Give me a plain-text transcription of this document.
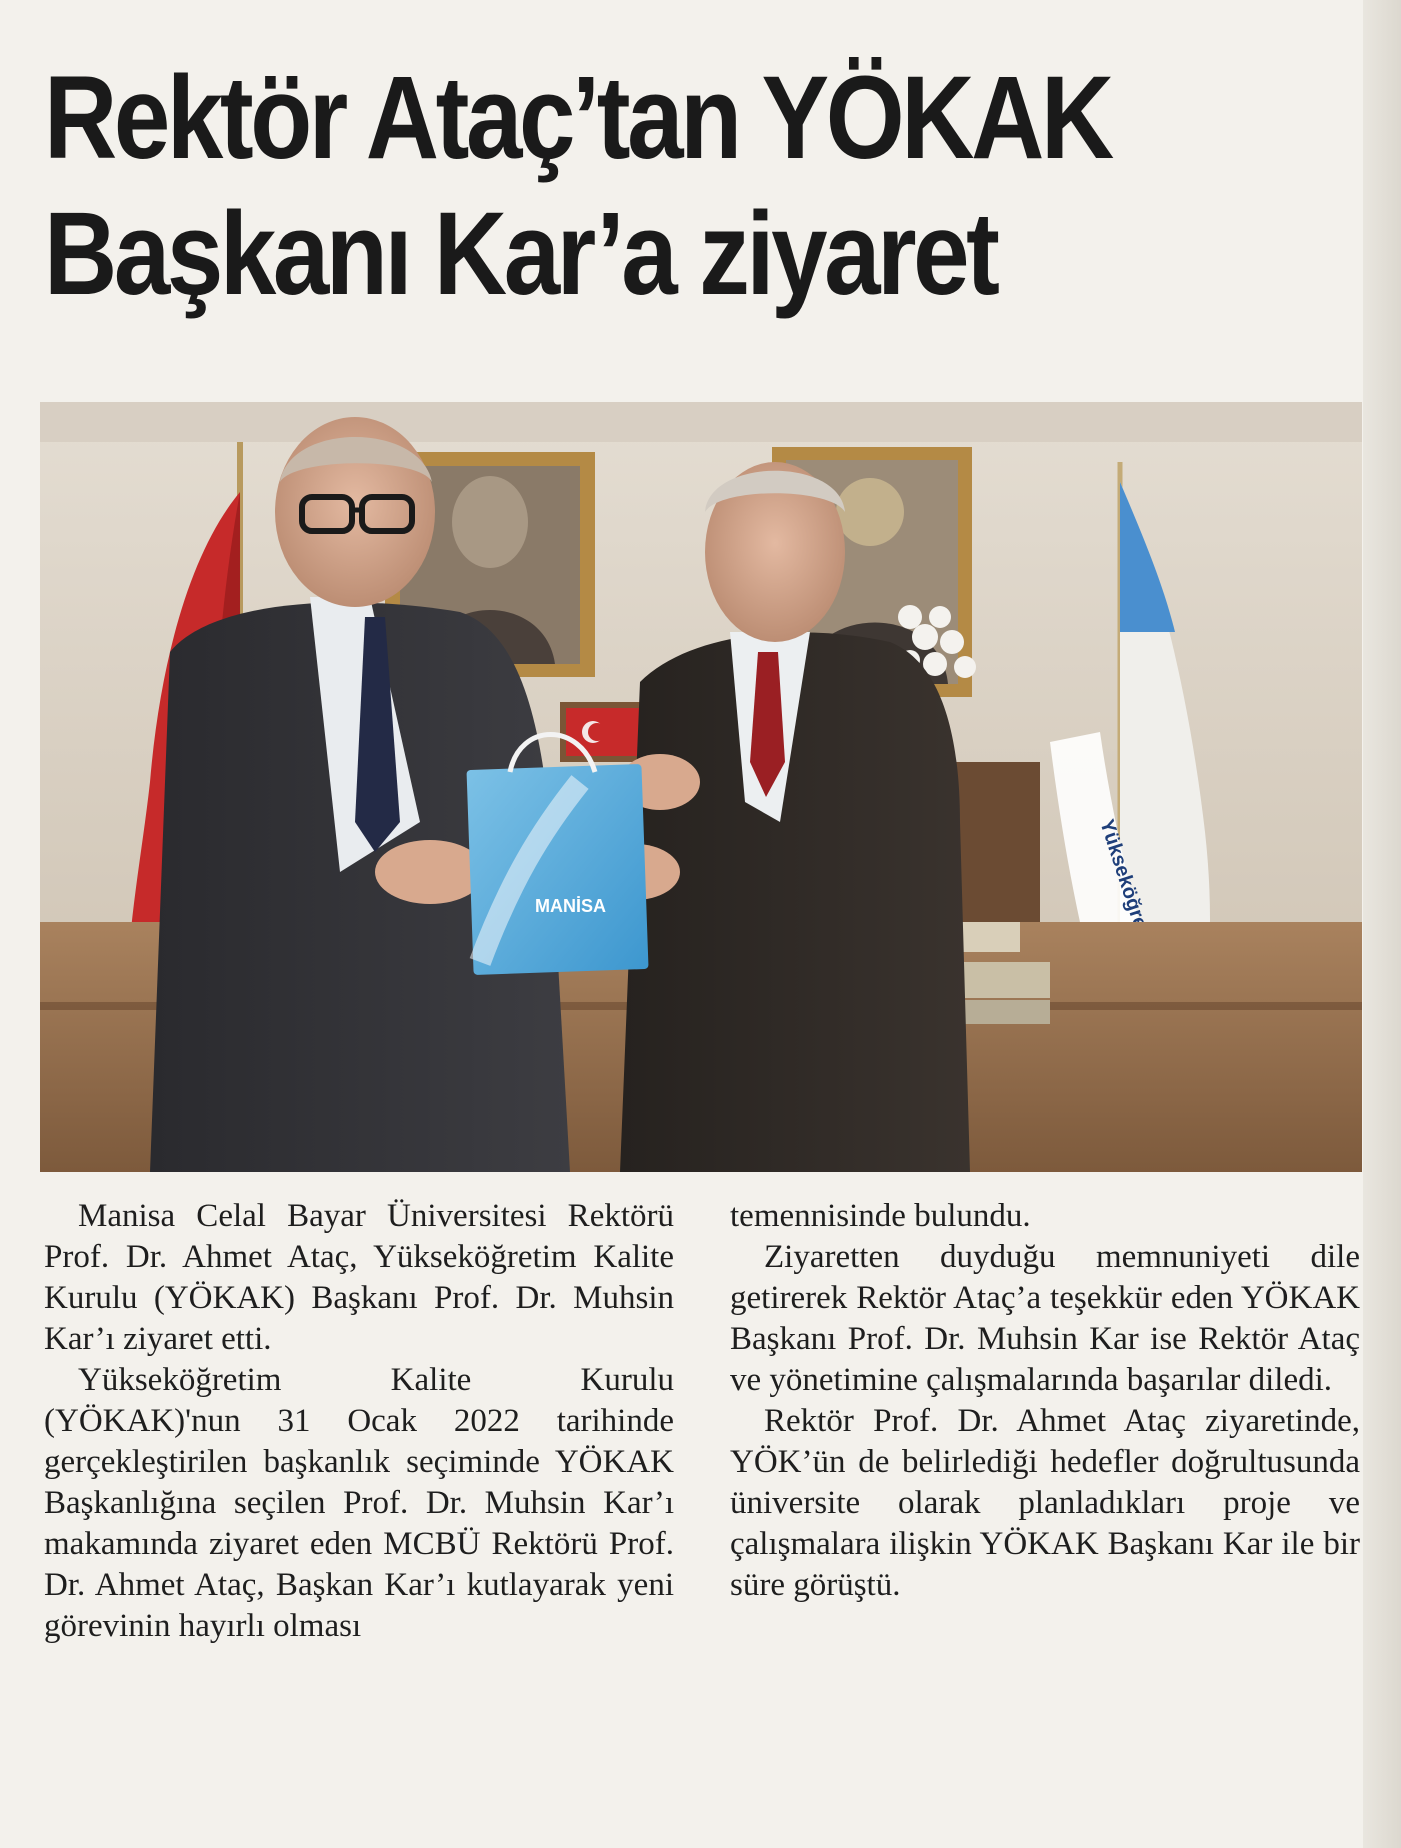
Rektör Ataç’tan YÖKAK
Başkanı Kar’a ziyaret
MANİSA

Manisa Celal Bayar Üniversitesi Rektörü Prof. Dr. Ahmet Ataç, Yükseköğretim Kalite Kurulu (YÖKAK) Başkanı Prof. Dr. Muhsin Kar’ı ziyaret etti.

Yükseköğretim Kalite Kurulu (YÖKAK)'nun 31 Ocak 2022 tarihinde gerçekleştirilen başkanlık seçiminde YÖKAK Başkanlığına seçilen Prof. Dr. Muhsin Kar’ı makamında ziyaret eden MCBÜ Rektörü Prof. Dr. Ahmet Ataç, Başkan Kar’ı kutlayarak yeni görevinin hayırlı olması

temennisinde bulundu.

Ziyaretten duyduğu memnuniyeti dile getirerek Rektör Ataç’a teşekkür eden YÖKAK Başkanı Prof. Dr. Muhsin Kar ise Rektör Ataç ve yönetimine çalışmalarında başarılar diledi.

Rektör Prof. Dr. Ahmet Ataç ziyaretinde, YÖK’ün de belirlediği hedefler doğrultusunda üniversite olarak planladıkları proje ve çalışmalara ilişkin YÖKAK Başkanı Kar ile bir süre görüştü.
